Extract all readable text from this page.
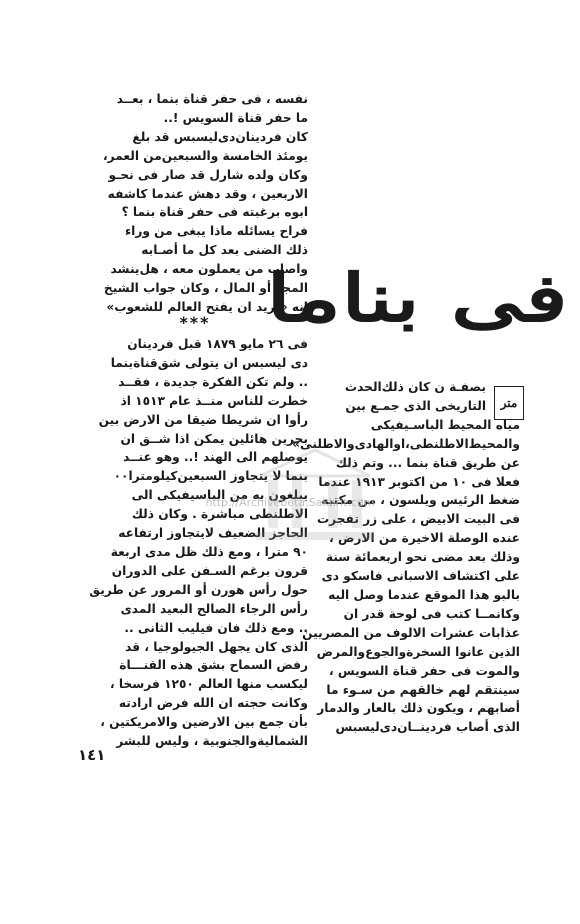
نفسه ، فى حفر قناة بنما ، بعــد
ما حفر قناة السويس !..
كان فردينان‌دى‌ليسبس قد بلغ
يومئذ الخامسة والسبعين‌من العمر،
وكان ولده شارل قد صار فى نحـو
الاربعين ، وقد دهش عندما كاشفه
ابوه برغبته فى حفر قناة بنما ؟
فراح يسائله ماذا يبغى من وراء
ذلك الضنى بعد كل ما أصـابه
واصاب من يعملون معه ، هل‌ينشد
المجد أو المال ، وكان جواب الشيخ
انه «يريد ان يفتح العالم للشعوب»
***
فى ٢٦ مايو ١٨٧٩ قبل فردينان
دى ليسبس ان يتولى شق‌قناة‌بنما
.. ولم تكن الفكرة جديدة ، فقــد
خطرت للناس منــذ عام ١٥١٣ اذ
رأوا ان شريطا ضيقا من الارض بين
بحرين هائلين يمكن اذا شــق ان
يوصلهم الى الهند !.. وهو عنــد
بنما لا يتجاوز السبعين‌كيلومترا٠٠
يبلغون به من الباسيفيكى الى
الاطلنطى مباشرة . وكان ذلك
الحاجز الضعيف لايتجاوز ارتفاعه
٩٠ مترا ، ومع ذلك ظل مدى اربعة
قرون برغم السـفن على الدوران
حول رأس هورن أو المرور عن طريق
رأس الرجاء الصالح البعيد المدى
.. ومع ذلك فان فيليب الثانى ..
الذى كان يجهل الجيولوجيا ، قد
رفض السماح بشق هذه القنـــاة
ليكسب منها العالم ١٢٥٠ فرسخا ،
وكانت حجته ان الله فرض ارادته
بأن جمع بين الارضين والامريكتين ،
الشمالية‌والجنوبية ، وليس للبشر
فى بناما
متر
بصفـة ن كان ذلك‌الحدث
التاريخى الذى جمـع بين
مياه المحيط الباسـيفيكى
والمحيط‌الاطلنطى،او‌الهادى‌والاطلنى»
عن طريق قناة بنما ... وتم ذلك
فعلا فى ١٠ من اكتوبر ١٩١٣ عندما
ضغط الرئيس ويلسون ، من مكتبه
فى البيت الابيض ، على زر تفجرت
عنده الوصلة الاخيرة من الارض ،
وذلك بعد مضى نحو اربعمائة سنة
على اكتشاف الاسبانى فاسكو دى
بالبو هذا الموقع عندما وصل اليه
وكانمــا كتب فى لوحة قدر ان
عذابات عشرات الالوف من المصريين
الذين عانوا السخرة‌والجوع‌والمرض
والموت فى حفر قناة السويس ،
سينتقم لهم خالقهم من سـوء ما
أصابهم ، ويكون ذلك بالعار والدمار
الذى أصاب فردينــان‌دى‌ليسبس
http://Archivebeta.Sakhrit.com
١٤١
